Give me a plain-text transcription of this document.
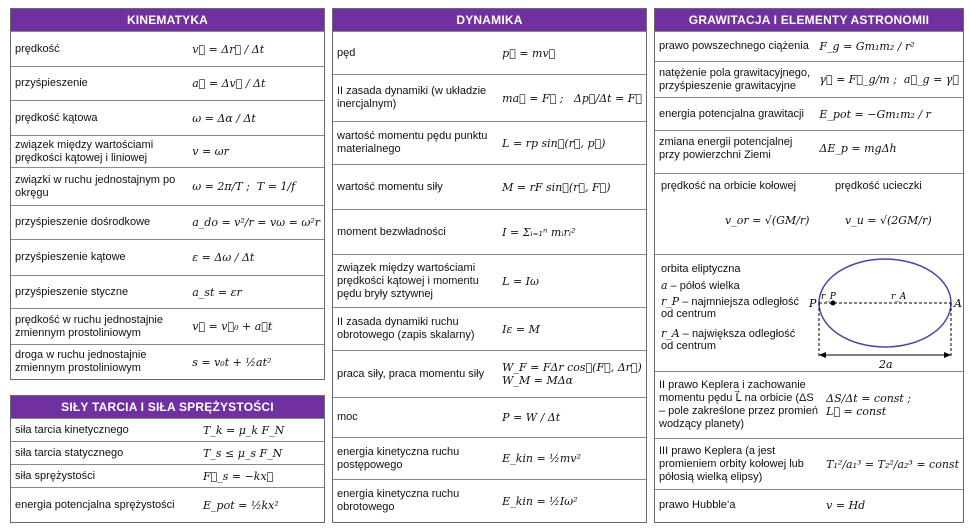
KINEMATYKA
prędkość	v⃗ = Δr⃗ / Δt
przyśpieszenie	a⃗ = Δv⃗ / Δt
prędkość kątowa	ω = Δα / Δt
związek między wartościami prędkości kątowej i liniowej	v = ωr
związki w ruchu jednostajnym po okręgu	ω = 2π/T ;  T = 1/f
przyśpieszenie dośrodkowe	a_do = v²/r = vω = ω²r
przyśpieszenie kątowe	ε = Δω / Δt
przyśpieszenie styczne	a_st = εr
prędkość w ruchu jednostajnie zmiennym prostoliniowym	v⃗ = v⃗₀ + a⃗t
droga w ruchu jednostajnie zmiennym prostoliniowym	s = v₀t + ½at²
SIŁY TARCIA I SIŁA SPRĘŻYSTOŚCI
siła tarcia kinetycznego	T_k = μ_k F_N
siła tarcia statycznego	T_s ≤ μ_s F_N
siła sprężystości	F⃗_s = −kx⃗
energia potencjalna sprężystości	E_pot = ½kx²
DYNAMIKA
pęd	p⃗ = mv⃗
II zasada dynamiki (w układzie inercjalnym)	ma⃗ = F⃗ ;   Δp⃗/Δt = F⃗
wartość momentu pędu punktu materialnego	L = rp sin∢(r⃗, p⃗)
wartość momentu siły	M = rF sin∢(r⃗, F⃗)
moment bezwładności	I = Σᵢ₌₁ⁿ mᵢrᵢ²
związek między wartościami prędkości kątowej i momentu pędu bryły sztywnej	L = Iω
II zasada dynamiki ruchu obrotowego (zapis skalarny)	Iε = M
praca siły, praca momentu siły	W_F = FΔr cos∢(F⃗, Δr⃗)
W_M = MΔα
moc	P = W / Δt
energia kinetyczna ruchu postępowego	E_kin = ½mv²
energia kinetyczna ruchu obrotowego	E_kin = ½Iω²
GRAWITACJA I ELEMENTY ASTRONOMII
prawo powszechnego ciążenia	F_g = Gm₁m₂ / r²
natężenie pola grawitacyjnego, przyśpieszenie grawitacyjne	γ⃗ = F⃗_g/m ;  a⃗_g = γ⃗
energia potencjalna grawitacji	E_pot = −Gm₁m₂ / r
zmiana energii potencjalnej przy powierzchni Ziemi	ΔE_p = mgΔh
prędkość na orbicie kołowej
v_or = √(GM/r)
prędkość ucieczki
v_u = √(2GM/r)
orbita eliptyczna
a – półoś wielka
r_P – najmniejsza odległość od centrum
r_A – największa odległość od centrum
P	A
r_P	r_A
2a
II prawo Keplera i zachowanie momentu pędu L⃗ na orbicie (ΔS – pole zakreślone przez promień wodzący planety)	ΔS/Δt = const ;
L⃗ = const
III prawo Keplera (a jest promieniem orbity kołowej lub półosią wielką elipsy)	T₁²/a₁³ = T₂²/a₂³ = const
prawo Hubble’a	v = Hd
